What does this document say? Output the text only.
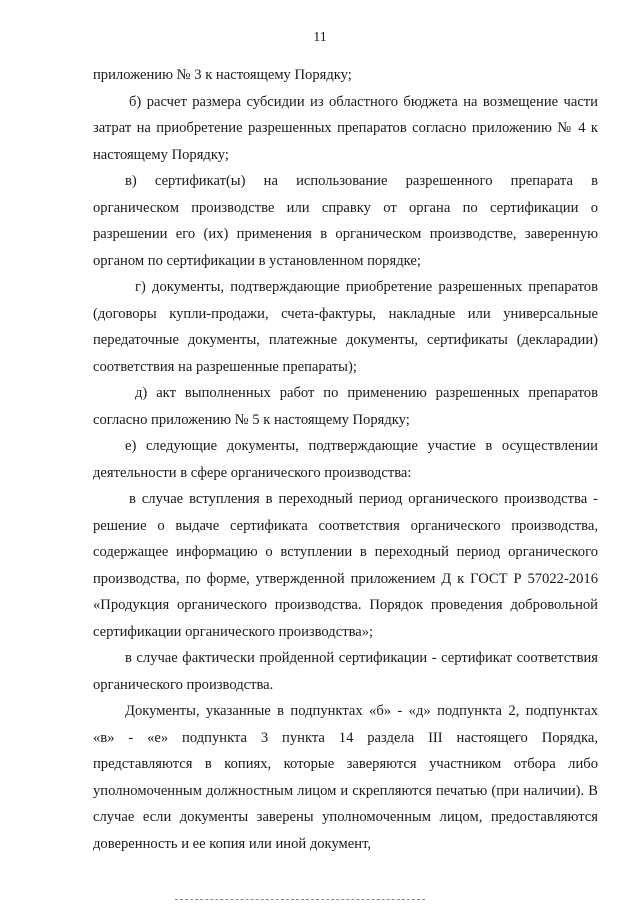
11

приложению № 3 к настоящему Порядку;

б) расчет размера субсидии из областного бюджета на возмещение части затрат на приобретение разрешенных препаратов согласно приложению № 4 к настоящему Порядку;

в) сертификат(ы) на использование разрешенного препарата в органическом производстве или справку от органа по сертификации о разрешении его (их) применения в органическом производстве, заверенную органом по сертификации в установленном порядке;

г) документы, подтверждающие приобретение разрешенных препаратов (договоры купли-продажи, счета-фактуры, накладные или универсальные передаточные документы, платежные документы, сертификаты (декларадии) соответствия на разрешенные препараты);

д) акт выполненных работ по применению разрешенных препаратов согласно приложению № 5 к настоящему Порядку;

е) следующие документы, подтверждающие участие в осуществлении деятельности в сфере органического производства:

в случае вступления в переходный период органического производства - решение о выдаче сертификата соответствия органического производства, содержащее информацию о вступлении в переходный период органического производства, по форме, утвержденной приложением Д к ГОСТ Р 57022-2016 «Продукция органического производства. Порядок проведения добровольной сертификации органического производства»;

в случае фактически пройденной сертификации - сертификат соответствия органического производства.

Документы, указанные в подпунктах «б» - «д» подпункта 2, подпунктах «в» - «е» подпункта 3 пункта 14 раздела III настоящего Порядка, представляются в копиях, которые заверяются участником отбора либо уполномоченным должностным лицом и скрепляются печатью (при наличии). В случае если документы заверены уполномоченным лицом, предоставляются доверенность и ее копия или иной документ,
